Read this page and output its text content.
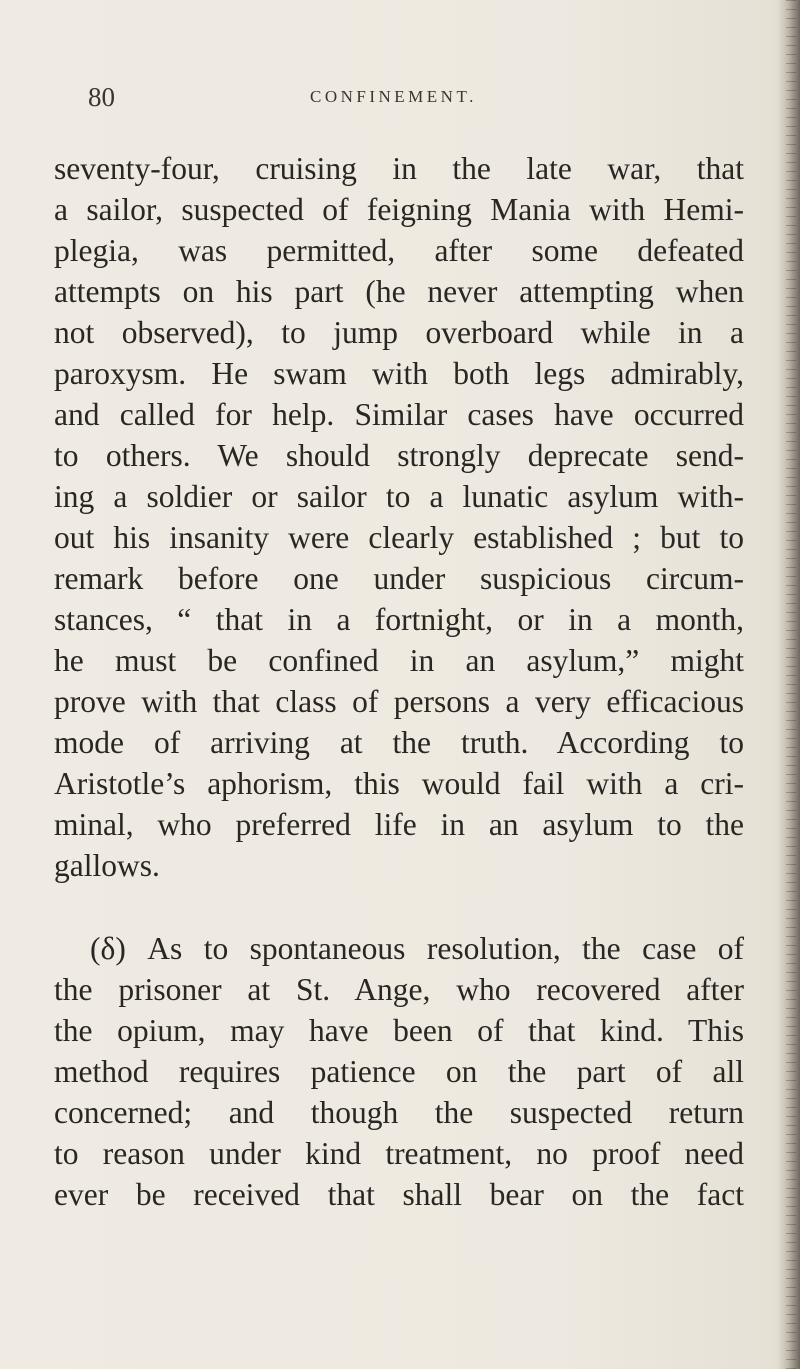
80	CONFINEMENT.
seventy-four, cruising in the late war, that
a sailor, suspected of feigning Mania with Hemi-
plegia, was permitted, after some defeated
attempts on his part (he never attempting when
not observed), to jump overboard while in a
paroxysm. He swam with both legs admirably,
and called for help. Similar cases have occurred
to others. We should strongly deprecate send-
ing a soldier or sailor to a lunatic asylum with-
out his insanity were clearly established ; but to
remark before one under suspicious circum-
stances, “ that in a fortnight, or in a month,
he must be confined in an asylum,” might
prove with that class of persons a very efficacious
mode of arriving at the truth. According to
Aristotle’s aphorism, this would fail with a cri-
minal, who preferred life in an asylum to the
gallows.
(δ) As to spontaneous resolution, the case of
the prisoner at St. Ange, who recovered after
the opium, may have been of that kind. This
method requires patience on the part of all
concerned; and though the suspected return
to reason under kind treatment, no proof need
ever be received that shall bear on the fact
